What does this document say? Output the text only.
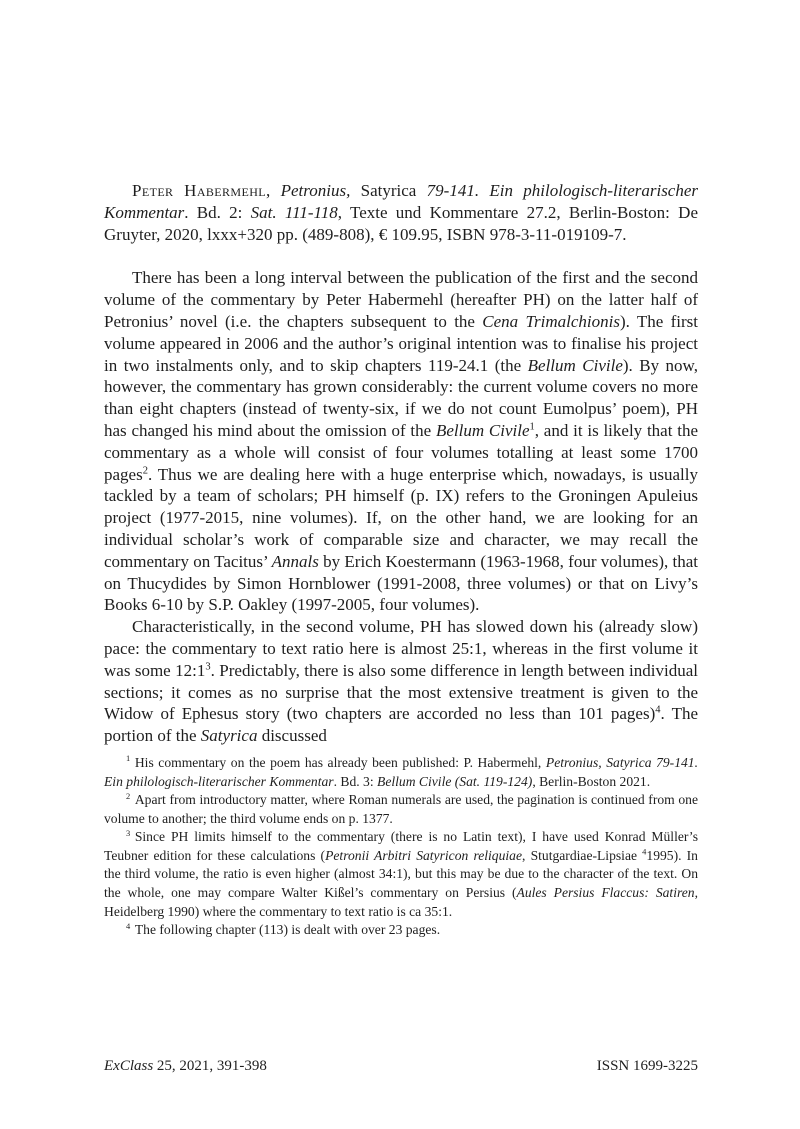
Peter Habermehl, Petronius, Satyrica 79-141. Ein philologisch-literarischer Kommentar. Bd. 2: Sat. 111-118, Texte und Kommentare 27.2, Berlin-Boston: De Gruyter, 2020, lxxx+320 pp. (489-808), € 109.95, ISBN 978-3-11-019109-7.

There has been a long interval between the publication of the first and the second volume of the commentary by Peter Habermehl (hereafter PH) on the latter half of Petronius’ novel (i.e. the chapters subsequent to the Cena Trimalchionis). The first volume appeared in 2006 and the author’s original intention was to finalise his project in two instalments only, and to skip chapters 119-24.1 (the Bellum Civile). By now, however, the commentary has grown considerably: the current volume covers no more than eight chapters (instead of twenty-six, if we do not count Eumolpus’ poem), PH has changed his mind about the omission of the Bellum Civile$^1$, and it is likely that the commentary as a whole will consist of four volumes totalling at least some 1700 pages$^2$. Thus we are dealing here with a huge enterprise which, nowadays, is usually tackled by a team of scholars; PH himself (p. IX) refers to the Groningen Apuleius project (1977-2015, nine volumes). If, on the other hand, we are looking for an individual scholar’s work of comparable size and character, we may recall the commentary on Tacitus’ Annals by Erich Koestermann (1963-1968, four volumes), that on Thucydides by Simon Hornblower (1991-2008, three volumes) or that on Livy’s Books 6-10 by S.P. Oakley (1997-2005, four volumes).

Characteristically, in the second volume, PH has slowed down his (already slow) pace: the commentary to text ratio here is almost 25:1, whereas in the first volume it was some $12:1^3$. Predictably, there is also some difference in length between individual sections; it comes as no surprise that the most extensive treatment is given to the Widow of Ephesus story (two chapters are accorded no less than 101 pages)$^4$. The portion of the Satyrica discussed

$^1$ His commentary on the poem has already been published: P. Habermehl, Petronius, Satyrica 79-141. Ein philologisch-literarischer Kommentar. Bd. 3: Bellum Civile (Sat. 119-124), Berlin-Boston 2021.

$^2$ Apart from introductory matter, where Roman numerals are used, the pagination is continued from one volume to another; the third volume ends on p. 1377.

$^3$ Since PH limits himself to the commentary (there is no Latin text), I have used Konrad Müller’s Teubner edition for these calculations (Petronii Arbitri Satyricon reliquiae, Stutgardiae-Lipsiae $^4$1995). In the third volume, the ratio is even higher (almost 34:1), but this may be due to the character of the text. On the whole, one may compare Walter Kißel’s commentary on Persius (Aules Persius Flaccus: Satiren, Heidelberg 1990) where the commentary to text ratio is ca 35:1.

$^4$ The following chapter (113) is dealt with over 23 pages.

ExClass 25, 2021, 391-398	ISSN 1699-3225
